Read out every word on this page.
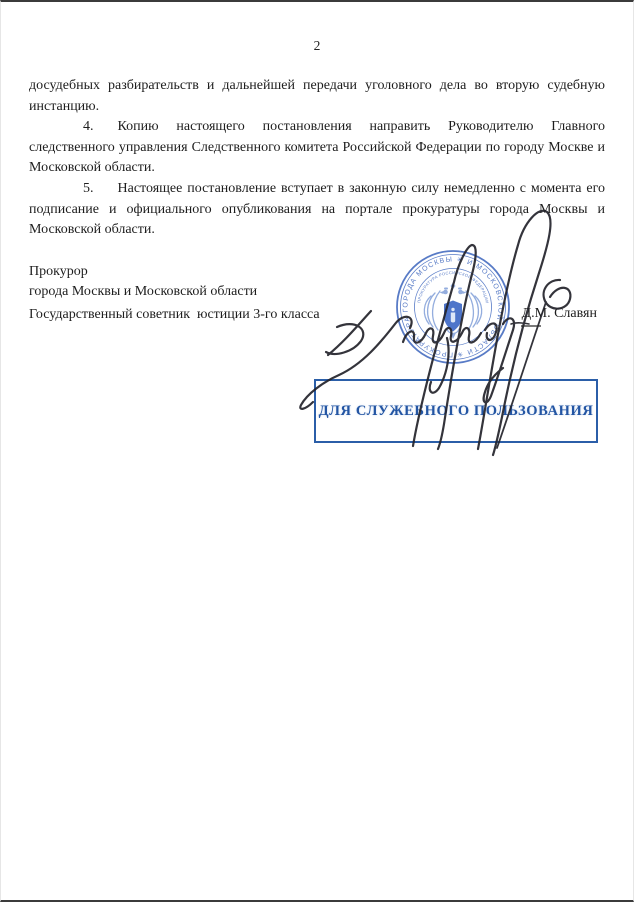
2

досудебных разбирательств и дальнейшей передачи уголовного дела во вторую судебную инстанцию.

4. Копию настоящего постановления направить Руководителю Главного следственного управления Следственного комитета Российской Федерации по городу Москве и Московской области.

5. Настоящее постановление вступает в законную силу немедленно с момента его подписание и официального опубликования на портале прокуратуры города Москвы и Московской области.

Прокурор
города Москвы и Московской области
Государственный советник  юстиции 3-го класса	Д.М. Славян
ПРОКУРАТУРА ГОРОДА МОСКВЫ ✳ И МОСКОВСКОЙ ОБЛАСТИ ✳
ПРОКУРАТУРА РОССИЙСКОЙ ФЕДЕРАЦИИ
ДЛЯ СЛУЖЕБНОГО ПОЛЬЗОВАНИЯ
